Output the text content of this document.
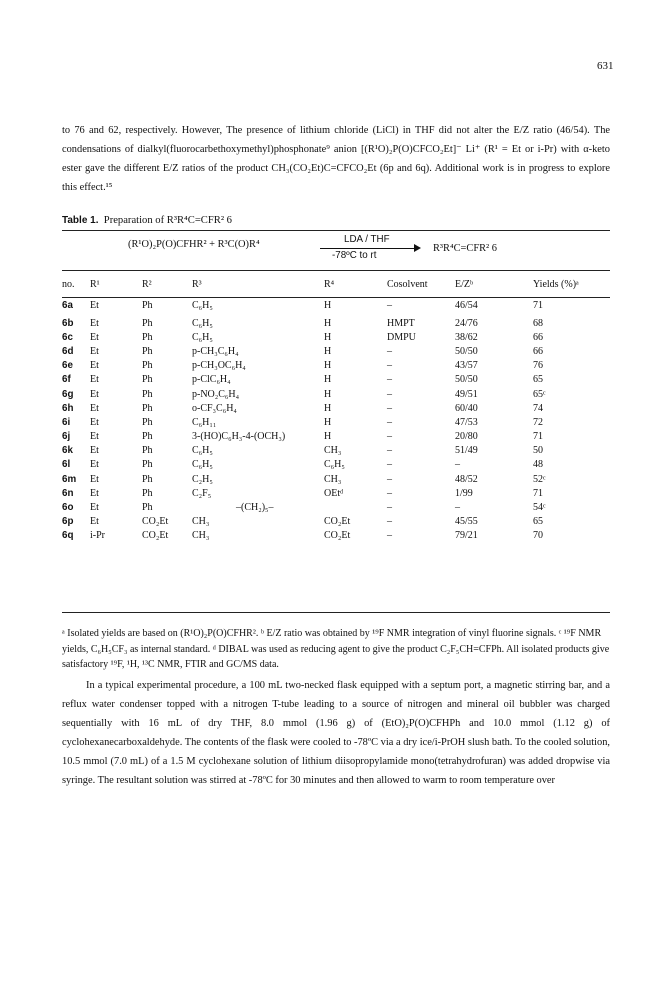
631
to 76 and 62, respectively. However, The presence of lithium chloride (LiCl) in THF did not alter the E/Z ratio (46/54). The condensations of dialkyl(fluorocarbethoxymethyl)phosphonate⁹ anion [(R¹O)₂P(O)CFCO₂Et]⁻ Li⁺ (R¹ = Et or i-Pr) with α-keto ester gave the different E/Z ratios of the product CH₃(CO₂Et)C=CFCO₂Et (6p and 6q). Additional work is in progress to explore this effect.¹⁵
Table 1. Preparation of R³R⁴C=CFR² 6
(R¹O)₂P(O)CFHR² + R³C(O)R⁴	LDA / THF
-78ºC to rt
R³R⁴C=CFR² 6
no.	R¹	R²	R³	R⁴	Cosolvent	E/Zᵇ	Yields (%)ᵃ
6a	Et	Ph	C₆H₅	H	–	46/54	71
6b	Et	Ph	C₆H₅	H	HMPT	24/76	68
6c	Et	Ph	C₆H₅	H	DMPU	38/62	66
6d	Et	Ph	p-CH₃C₆H₄	H	–	50/50	66
6e	Et	Ph	p-CH₃OC₆H₄	H	–	43/57	76
6f	Et	Ph	p-ClC₆H₄	H	–	50/50	65
6g	Et	Ph	p-NO₂C₆H₄	H	–	49/51	65ᶜ
6h	Et	Ph	o-CF₃C₆H₄	H	–	60/40	74
6i	Et	Ph	C₆H₁₁	H	–	47/53	72
6j	Et	Ph	3-(HO)C₆H₃-4-(OCH₃)	H	–	20/80	71
6k	Et	Ph	C₆H₅	CH₃	–	51/49	50
6l	Et	Ph	C₆H₅	C₆H₅	–	–	48
6m	Et	Ph	C₂H₅	CH₃	–	48/52	52ᶜ
6n	Et	Ph	C₂F₅	OEtᵈ	–	1/99	71
6o	Et	Ph	–(CH₂)₅–		–	–	54ᶜ
6p	Et	CO₂Et	CH₃	CO₂Et	–	45/55	65
6q	i-Pr	CO₂Et	CH₃	CO₂Et	–	79/21	70
ᵃ Isolated yields are based on (R¹O)₂P(O)CFHR². ᵇ E/Z ratio was obtained by ¹⁹F NMR integration of vinyl fluorine signals. ᶜ ¹⁹F NMR yields, C₆H₅CF₃ as internal standard. ᵈ DIBAL was used as reducing agent to give the product C₂F₅CH=CFPh. All isolated products give satisfactory ¹⁹F, ¹H, ¹³C NMR, FTIR and GC/MS data.
In a typical experimental procedure, a 100 mL two-necked flask equipped with a septum port, a magnetic stirring bar, and a reflux water condenser topped with a nitrogen T-tube leading to a source of nitrogen and mineral oil bubbler was charged sequentially with 16 mL of dry THF, 8.0 mmol (1.96 g) of (EtO)₂P(O)CFHPh and 10.0 mmol (1.12 g) of cyclohexanecarboxaldehyde. The contents of the flask were cooled to -78ºC via a dry ice/i-PrOH slush bath. To the cooled solution, 10.5 mmol (7.0 mL) of a 1.5 M cyclohexane solution of lithium diisopropylamide mono(tetrahydrofuran) was added dropwise via syringe. The resultant solution was stirred at -78ºC for 30 minutes and then allowed to warm to room temperature over
